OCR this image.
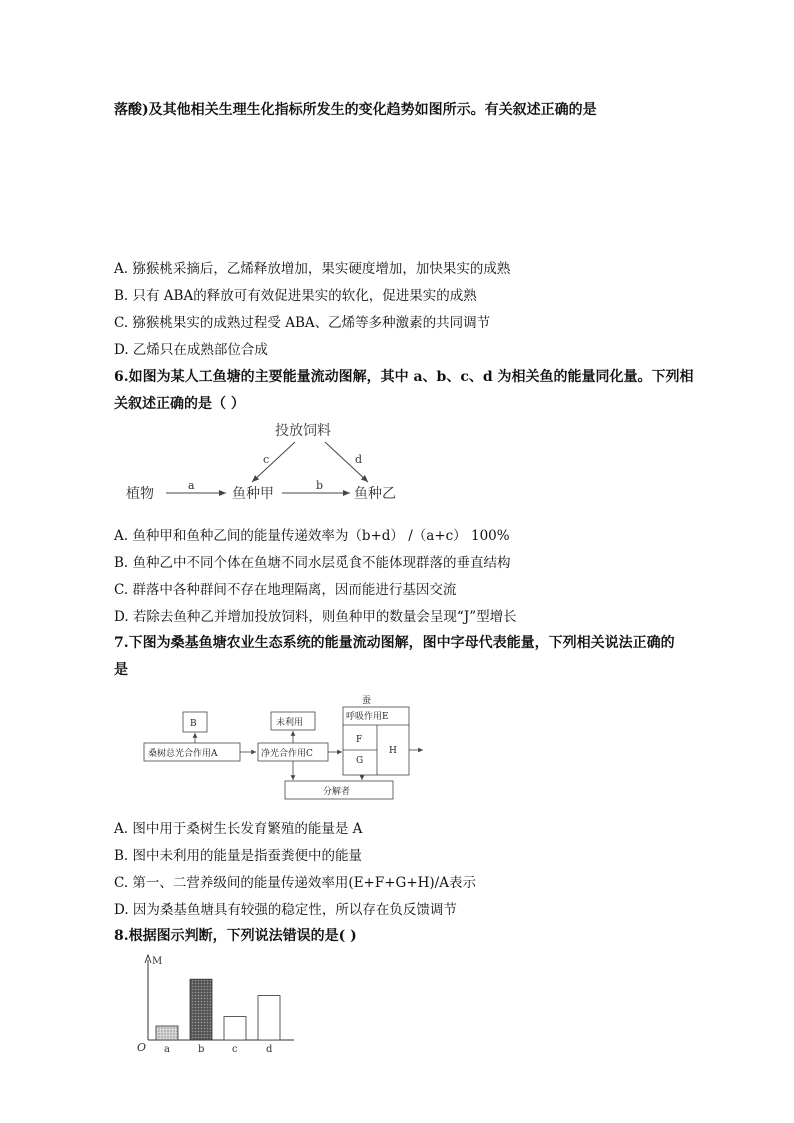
落酸)及其他相关生理生化指标所发生的变化趋势如图所示。有关叙述正确的是
A. 猕猴桃采摘后，乙烯释放增加，果实硬度增加，加快果实的成熟
B. 只有 ABA的释放可有效促进果实的软化，促进果实的成熟
C. 猕猴桃果实的成熟过程受 ABA、乙烯等多种激素的共同调节
D. 乙烯只在成熟部位合成
6.如图为某人工鱼塘的主要能量流动图解，其中 a、b、c、d 为相关鱼的能量同化量。下列相
关叙述正确的是（ ）
投放饲料
c	d
植物
a
鱼种甲
b
鱼种乙
A. 鱼种甲和鱼种乙间的能量传递效率为（b+d） /（a+c） 100%
B. 鱼种乙中不同个体在鱼塘不同水层觅食不能体现群落的垂直结构
C. 群落中各种群间不存在地理隔离，因而能进行基因交流
D. 若除去鱼种乙并增加投放饲料，则鱼种甲的数量会呈现“J”型增长
7.下图为桑基鱼塘农业生态系统的能量流动图解，图中字母代表能量，下列相关说法正确的
是
B	未利用
蚕
呼吸作用E
F
G
H
桑树总光合作用A	净光合作用C
分解者
A. 图中用于桑树生长发育繁殖的能量是 A
B. 图中未利用的能量是指蚕粪便中的能量
C. 第一、二营养级间的能量传递效率用(E+F+G+H)/A表示
D. 因为桑基鱼塘具有较强的稳定性，所以存在负反馈调节
8.根据图示判断，下列说法错误的是( )
M
O a	b	c	d
